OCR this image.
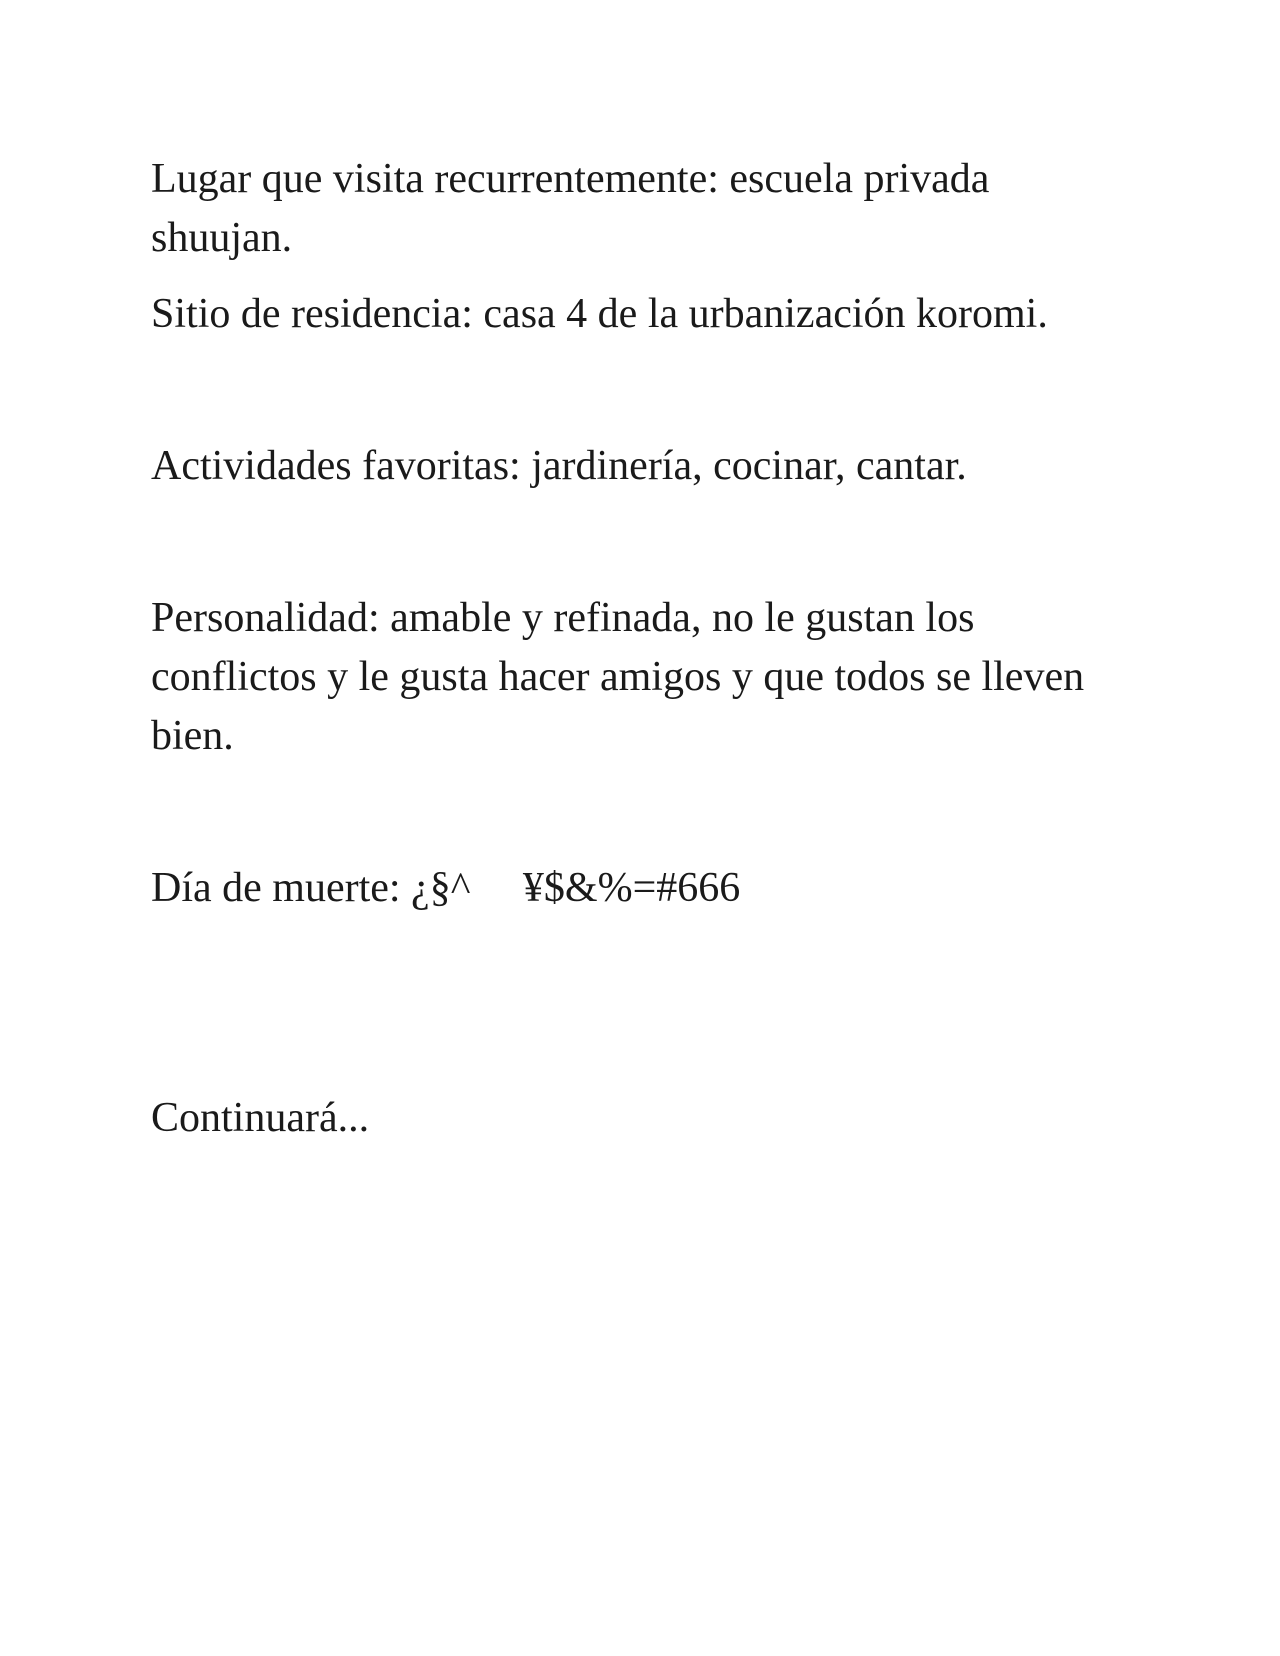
Lugar que visita recurrentemente: escuela privada shuujan.

Sitio de residencia: casa 4 de la urbanización koromi.

Actividades favoritas: jardinería, cocinar, cantar.

Personalidad: amable y refinada, no le gustan los conflictos y le gusta hacer amigos y que todos se lleven bien.

Día de muerte: ¿§^     ¥$&%=#666

Continuará...
